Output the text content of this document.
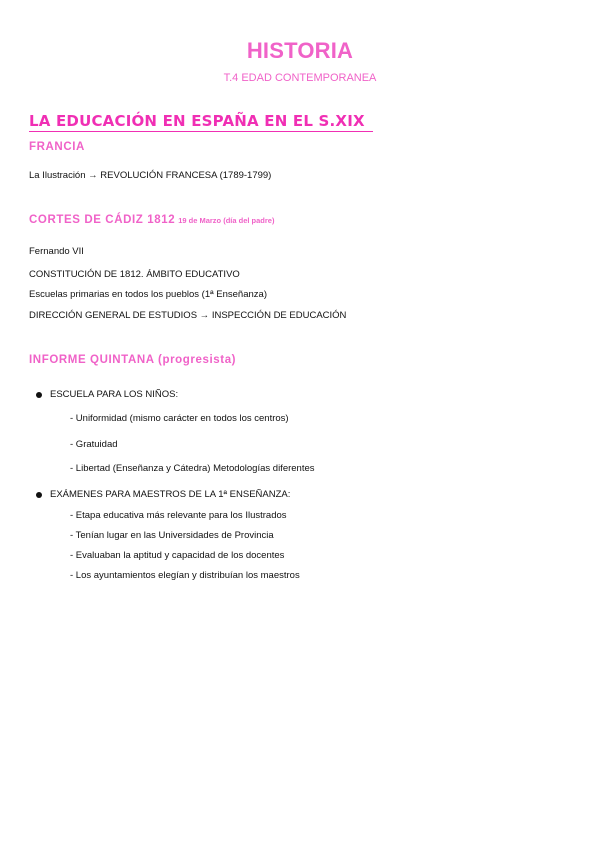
HISTORIA
T.4 EDAD CONTEMPORANEA
LA EDUCACIÓN EN ESPAÑA EN EL S.XIX
FRANCIA
La Ilustración → REVOLUCIÓN FRANCESA (1789-1799)
CORTES DE CÁDIZ 1812 19 de Marzo (día del padre)
Fernando VII
CONSTITUCIÓN DE 1812. ÁMBITO EDUCATIVO
Escuelas primarias en todos los pueblos (1ª Enseñanza)
DIRECCIÓN GENERAL DE ESTUDIOS → INSPECCIÓN DE EDUCACIÓN
INFORME QUINTANA (progresista)
ESCUELA PARA LOS NIÑOS:
- Uniformidad (mismo carácter en todos los centros)
- Gratuidad
- Libertad (Enseñanza y Cátedra) Metodologías diferentes
EXÁMENES PARA MAESTROS DE LA 1ª ENSEÑANZA:
- Etapa educativa más relevante para los Ilustrados
- Tenían lugar en las Universidades de Provincia
- Evaluaban la aptitud y capacidad de los docentes
- Los ayuntamientos elegían y distribuían los maestros
